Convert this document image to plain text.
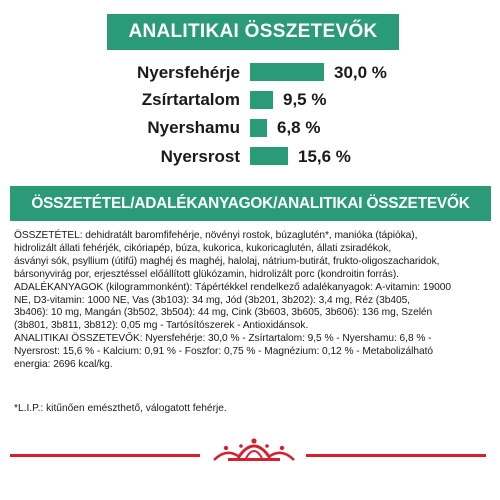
ANALITIKAI ÖSSZETEVŐK
Nyersfehérje	30,0 %
Zsírtartalom	9,5 %
Nyershamu 6,8 %
Nyersrost	15,6 %
ÖSSZETÉTEL/ADALÉKANYAGOK/ANALITIKAI ÖSSZETEVŐK
ÖSSZETÉTEL: dehidratált baromfifehérje, növényi rostok, búzaglutén*, manióka (tápióka),
hidrolizált állati fehérjék, cikóriapép, búza, kukorica, kukoricaglutén, állati zsiradékok,
ásványi sók, psyllium (útifű) maghéj és maghéj, halolaj, nátrium-butirát, frukto-oligoszacharidok,
bársonyvirág por, erjesztéssel előállított glükózamin, hidrolizált porc (kondroitin forrás).
ADALÉKANYAGOK (kilogrammonként): Tápértékkel rendelkező adalékanyagok: A-vitamin: 19000
NE, D3-vitamin: 1000 NE, Vas (3b103): 34 mg, Jód (3b201, 3b202): 3,4 mg, Réz (3b405,
3b406): 10 mg, Mangán (3b502, 3b504): 44 mg, Cink (3b603, 3b605, 3b606): 136 mg, Szelén
(3b801, 3b811, 3b812): 0,05 mg - Tartósítószerek - Antioxidánsok.
ANALITIKAI ÖSSZETEVŐK: Nyersfehérje: 30,0 % - Zsírtartalom: 9,5 % - Nyershamu: 6,8 % -
Nyersrost: 15,6 % - Kalcium: 0,91 % - Foszfor: 0,75 % - Magnézium: 0,12 % - Metabolizálható
energia: 2696 kcal/kg.
*L.I.P.: kitűnően emészthető, válogatott fehérje.
